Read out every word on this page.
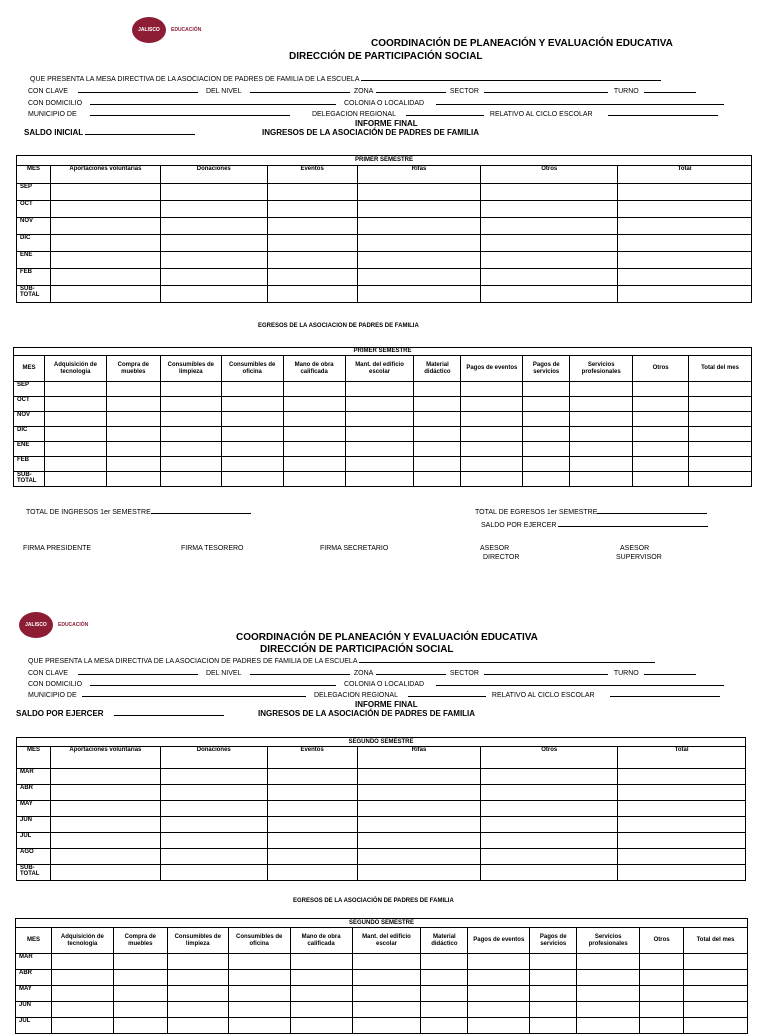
JALISCO	EDUCACIÓN
COORDINACIÓN DE PLANEACIÓN Y EVALUACIÓN EDUCATIVA
DIRECCIÓN DE PARTICIPACIÓN SOCIAL
QUE PRESENTA LA MESA DIRECTIVA DE LA ASOCIACIÓN DE PADRES DE FAMILIA DE LA ESCUELA
CON CLAVE	DEL NIVEL	ZONA	SECTOR	TURNO
CON DOMICILIO	COLONIA O LOCALIDAD
MUNICIPIO DE	DELEGACIÓN REGIONAL	RELATIVO AL CICLO ESCOLAR
INFORME FINAL
SALDO INICIAL	INGRESOS DE LA ASOCIACIÓN DE PADRES DE FAMILIA
PRIMER SEMESTRE						
MES	Aportaciones voluntarias	Donaciones	Eventos	Rifas	Otros	Total
SEP						
OCT						
NOV						
DIC						
ENE						
FEB						
SUB-TOTAL						
EGRESOS DE LA ASOCIACION DE PADRES DE FAMILIA
PRIMER SEMESTRE												
MES	Adquisición de tecnología	Compra de muebles	Consumibles de limpieza	Consumibles de oficina	Mano de obra calificada	Mant. del edificio escolar	Material didáctico	Pagos de eventos	Pagos de servicios	Servicios profesionales	Otros	Total del mes
SEP												
OCT												
NOV												
DIC												
ENE												
FEB												
SUB-TOTAL												
TOTAL DE INGRESOS 1er SEMESTRE	TOTAL DE EGRESOS 1er SEMESTRE
SALDO POR EJERCER
FIRMA PRESIDENTE	FIRMA TESORERO	FIRMA SECRETARIO	ASESOR
DIRECTOR
ASESOR
SUPERVISOR
JALISCO	EDUCACIÓN
COORDINACIÓN DE PLANEACIÓN Y EVALUACIÓN EDUCATIVA
DIRECCIÓN DE PARTICIPACIÓN SOCIAL
QUE PRESENTA LA MESA DIRECTIVA DE LA ASOCIACIÓN DE PADRES DE FAMILIA DE LA ESCUELA
CON CLAVE	DEL NIVEL	ZONA	SECTOR	TURNO
CON DOMICILIO	COLONIA O LOCALIDAD
MUNICIPIO DE	DELEGACIÓN REGIONAL	RELATIVO AL CICLO ESCOLAR
INFORME FINAL
SALDO POR EJERCER	INGRESOS DE LA ASOCIACIÓN DE PADRES DE FAMILIA
SEGUNDO SEMESTRE						
MES	Aportaciones voluntarias	Donaciones	Eventos	Rifas	Otros	Total
MAR						
ABR						
MAY						
JUN						
JUL						
AGO						
SUB-TOTAL						
EGRESOS DE LA ASOCIACIÓN DE PADRES DE FAMILIA
SEGUNDO SEMESTRE												
MES	Adquisición de tecnología	Compra de muebles	Consumibles de limpieza	Consumibles de oficina	Mano de obra calificada	Mant. del edificio escolar	Material didáctico	Pagos de eventos	Pagos de servicios	Servicios profesionales	Otros	Total del mes
MAR												
ABR												
MAY												
JUN												
JUL												
